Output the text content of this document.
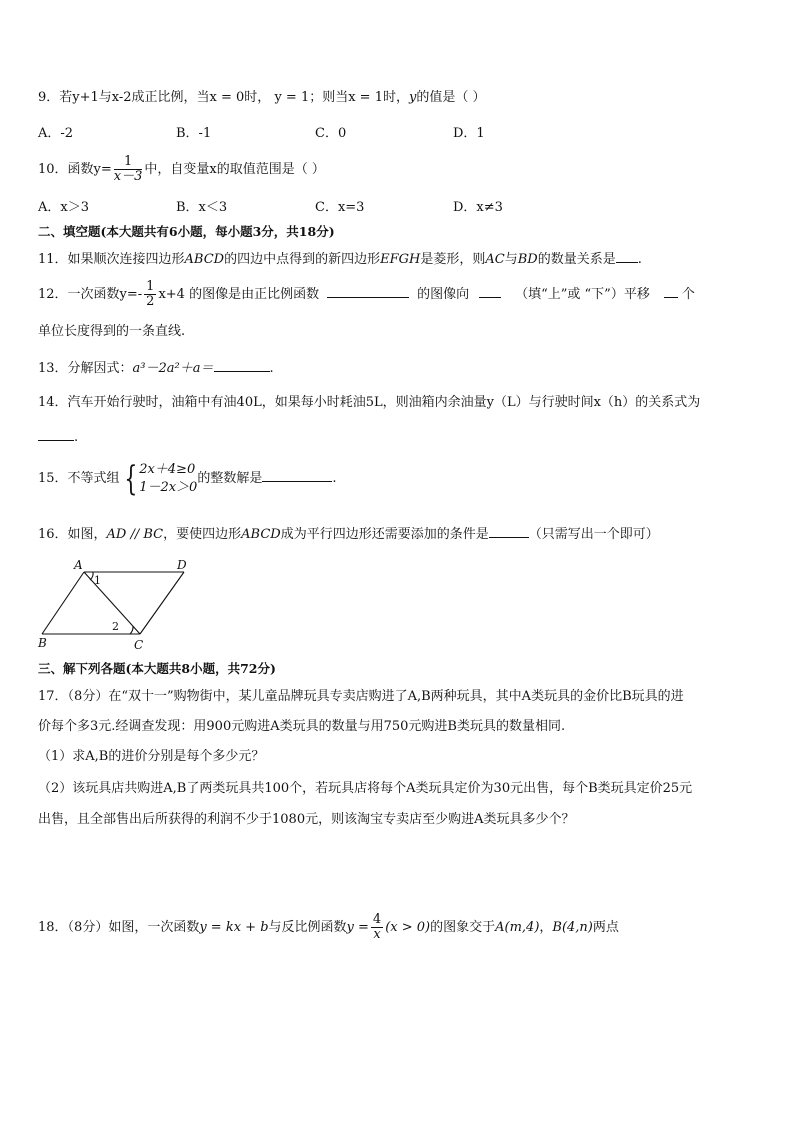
9．若y+1与x-2成正比例，当x = 0时， y = 1；则当x = 1时，y的值是（ ）
A．-2	B．-1	C．0	D．1
10．函数$y= \frac{1}{x-3}$ 中，自变量x的取值范围是（ ）
A．x＞3	B．x＜3	C．x=3	D．x≠3
二、填空题(本大题共有6小题，每小题3分，共18分)
11．如果顺次连接四边形ABCD的四边中点得到的新四边形EFGH是菱形，则AC与BD的数量关系是 .
12．一次函数$y=- \frac{1}{2} x+4$ 的图像是由正比例函数	的图像向	（填“上”或 “下”）平移 个
单位长度得到的一条直线.
13．分解因式：a³－2a²＋a＝	.
14．汽车开始行驶时，油箱中有油40L，如果每小时耗油5L，则油箱内余油量y（L）与行驶时间x（h）的关系式为
.
15．不等式组 { 2x＋4≥0
1－2x＞0
的整数解是	.
16．如图，AD // BC，要使四边形ABCD成为平行四边形还需要添加的条件是	（只需写出一个即可）
A	D
B	C
1
2
三、解下列各题(本大题共8小题，共72分)
17．（8分）在“双十一”购物街中，某儿童品牌玩具专卖店购进了A,B两种玩具，其中A类玩具的金价比B玩具的进
价每个多3元.经调查发现：用900元购进A类玩具的数量与用750元购进B类玩具的数量相同.
（1）求A,B的进价分别是每个多少元？
（2）该玩具店共购进A,B了两类玩具共100个，若玩具店将每个A类玩具定价为30元出售，每个B类玩具定价25元
出售，且全部售出后所获得的利润不少于1080元，则该淘宝专卖店至少购进A类玩具多少个？
18．（8分）如图，一次函数y = kx + b与反比例函数$y = \frac{4}{x} (x > 0)$的图象交于A(m,4)，B(4,n)两点
